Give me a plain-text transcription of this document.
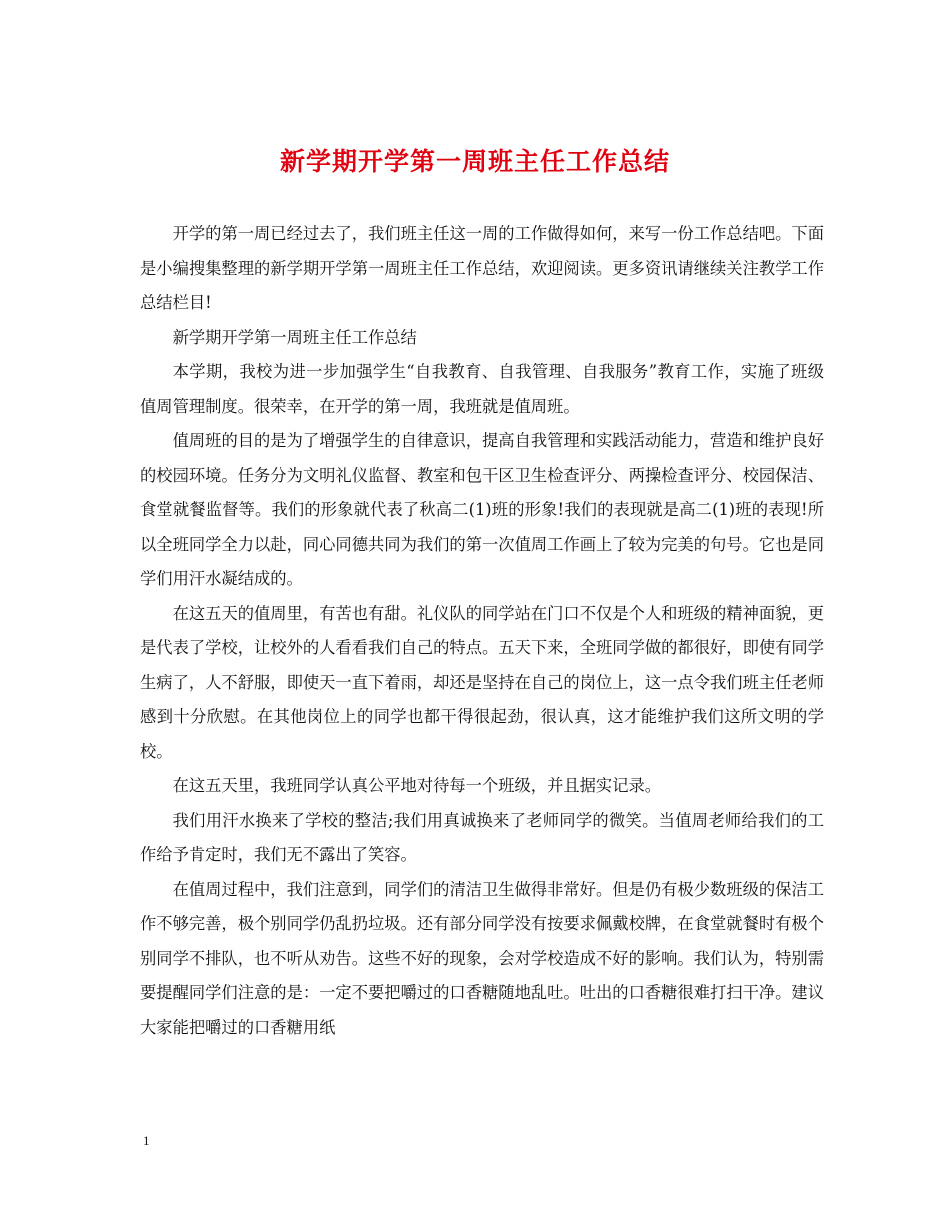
新学期开学第一周班主任工作总结

开学的第一周已经过去了，我们班主任这一周的工作做得如何，来写一份工作总结吧。下面是小编搜集整理的新学期开学第一周班主任工作总结，欢迎阅读。更多资讯请继续关注教学工作总结栏目!

新学期开学第一周班主任工作总结

本学期，我校为进一步加强学生“自我教育、自我管理、自我服务”教育工作，实施了班级值周管理制度。很荣幸，在开学的第一周，我班就是值周班。

值周班的目的是为了增强学生的自律意识，提高自我管理和实践活动能力，营造和维护良好的校园环境。任务分为文明礼仪监督、教室和包干区卫生检查评分、两操检查评分、校园保洁、食堂就餐监督等。我们的形象就代表了秋高二(1)班的形象!我们的表现就是高二(1)班的表现!所以全班同学全力以赴，同心同德共同为我们的第一次值周工作画上了较为完美的句号。它也是同学们用汗水凝结成的。

在这五天的值周里，有苦也有甜。礼仪队的同学站在门口不仅是个人和班级的精神面貌，更是代表了学校，让校外的人看看我们自己的特点。五天下来，全班同学做的都很好，即使有同学生病了，人不舒服，即使天一直下着雨，却还是坚持在自己的岗位上，这一点令我们班主任老师感到十分欣慰。在其他岗位上的同学也都干得很起劲，很认真，这才能维护我们这所文明的学校。

在这五天里，我班同学认真公平地对待每一个班级，并且据实记录。

我们用汗水换来了学校的整洁;我们用真诚换来了老师同学的微笑。当值周老师给我们的工作给予肯定时，我们无不露出了笑容。

在值周过程中，我们注意到，同学们的清洁卫生做得非常好。但是仍有极少数班级的保洁工作不够完善，极个别同学仍乱扔垃圾。还有部分同学没有按要求佩戴校牌，在食堂就餐时有极个别同学不排队，也不听从劝告。这些不好的现象，会对学校造成不好的影响。我们认为，特别需要提醒同学们注意的是：一定不要把嚼过的口香糖随地乱吐。吐出的口香糖很难打扫干净。建议大家能把嚼过的口香糖用纸

1
